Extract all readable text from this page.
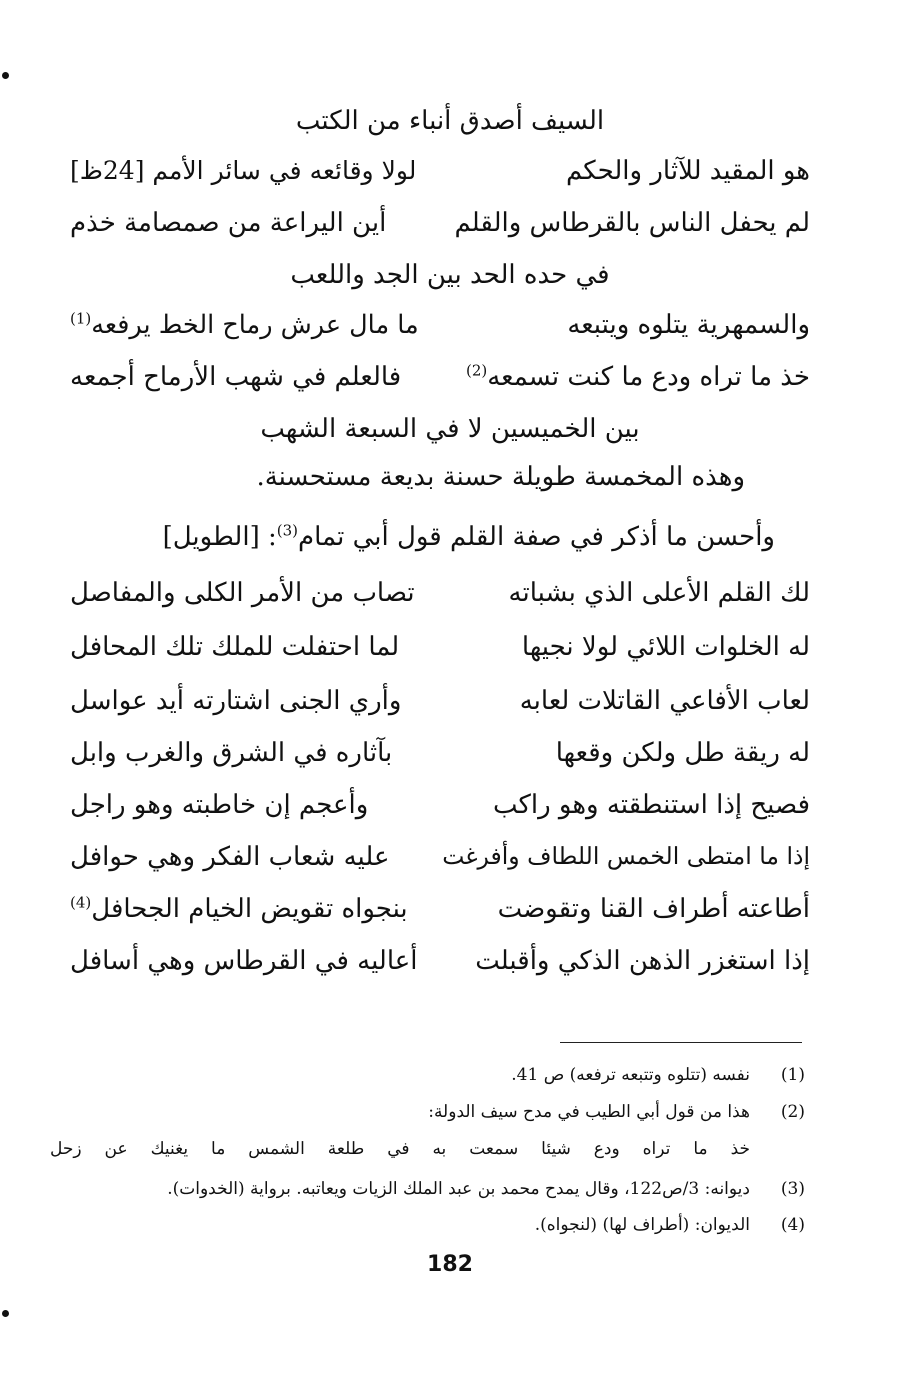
السيف أصدق أنباء من الكتب
هو المقيد للآثار والحكم
لولا وقائعه في سائر الأمم [24ظ]
لم يحفل الناس بالقرطاس والقلم
أين اليراعة من صمصامة خذم
في حده الحد بين الجد واللعب
والسمهرية يتلوه ويتبعه
ما مال عرش رماح الخط يرفعه$^{(1)}$
خذ ما تراه ودع ما كنت تسمعه$^{(2)}$
فالعلم في شهب الأرماح أجمعه
بين الخميسين لا في السبعة الشهب
وهذه المخمسة طويلة حسنة بديعة مستحسنة.
وأحسن ما أذكر في صفة القلم قول أبي تمام$^{(3)}$: [الطويل]
لك القلم الأعلى الذي بشباته
تصاب من الأمر الكلى والمفاصل
له الخلوات اللائي لولا نجيها
لما احتفلت للملك تلك المحافل
لعاب الأفاعي القاتلات لعابه
وأري الجنى اشتارته أيد عواسل
له ريقة طل ولكن وقعها
بآثاره في الشرق والغرب وابل
فصيح إذا استنطقته وهو راكب
وأعجم إن خاطبته وهو راجل
إذا ما امتطى الخمس اللطاف وأفرغت
عليه شعاب الفكر وهي حوافل
أطاعته أطراف القنا وتقوضت
بنجواه تقويض الخيام الجحافل$^{(4)}$
إذا استغزر الذهن الذكي وأقبلت
أعاليه في القرطاس وهي أسافل
(1)
نفسه (تتلوه وتتبعه ترفعه) ص 41.
(2)
هذا من قول أبي الطيب في مدح سيف الدولة:
خذ ما تراه ودع شيئا سمعت به في طلعة الشمس ما يغنيك عن زحل
(3)
ديوانه: 3/ص122، وقال يمدح محمد بن عبد الملك الزيات ويعاتبه. برواية (الخدوات).
(4)
الديوان: (أطراف لها) (لنجواه).
182
